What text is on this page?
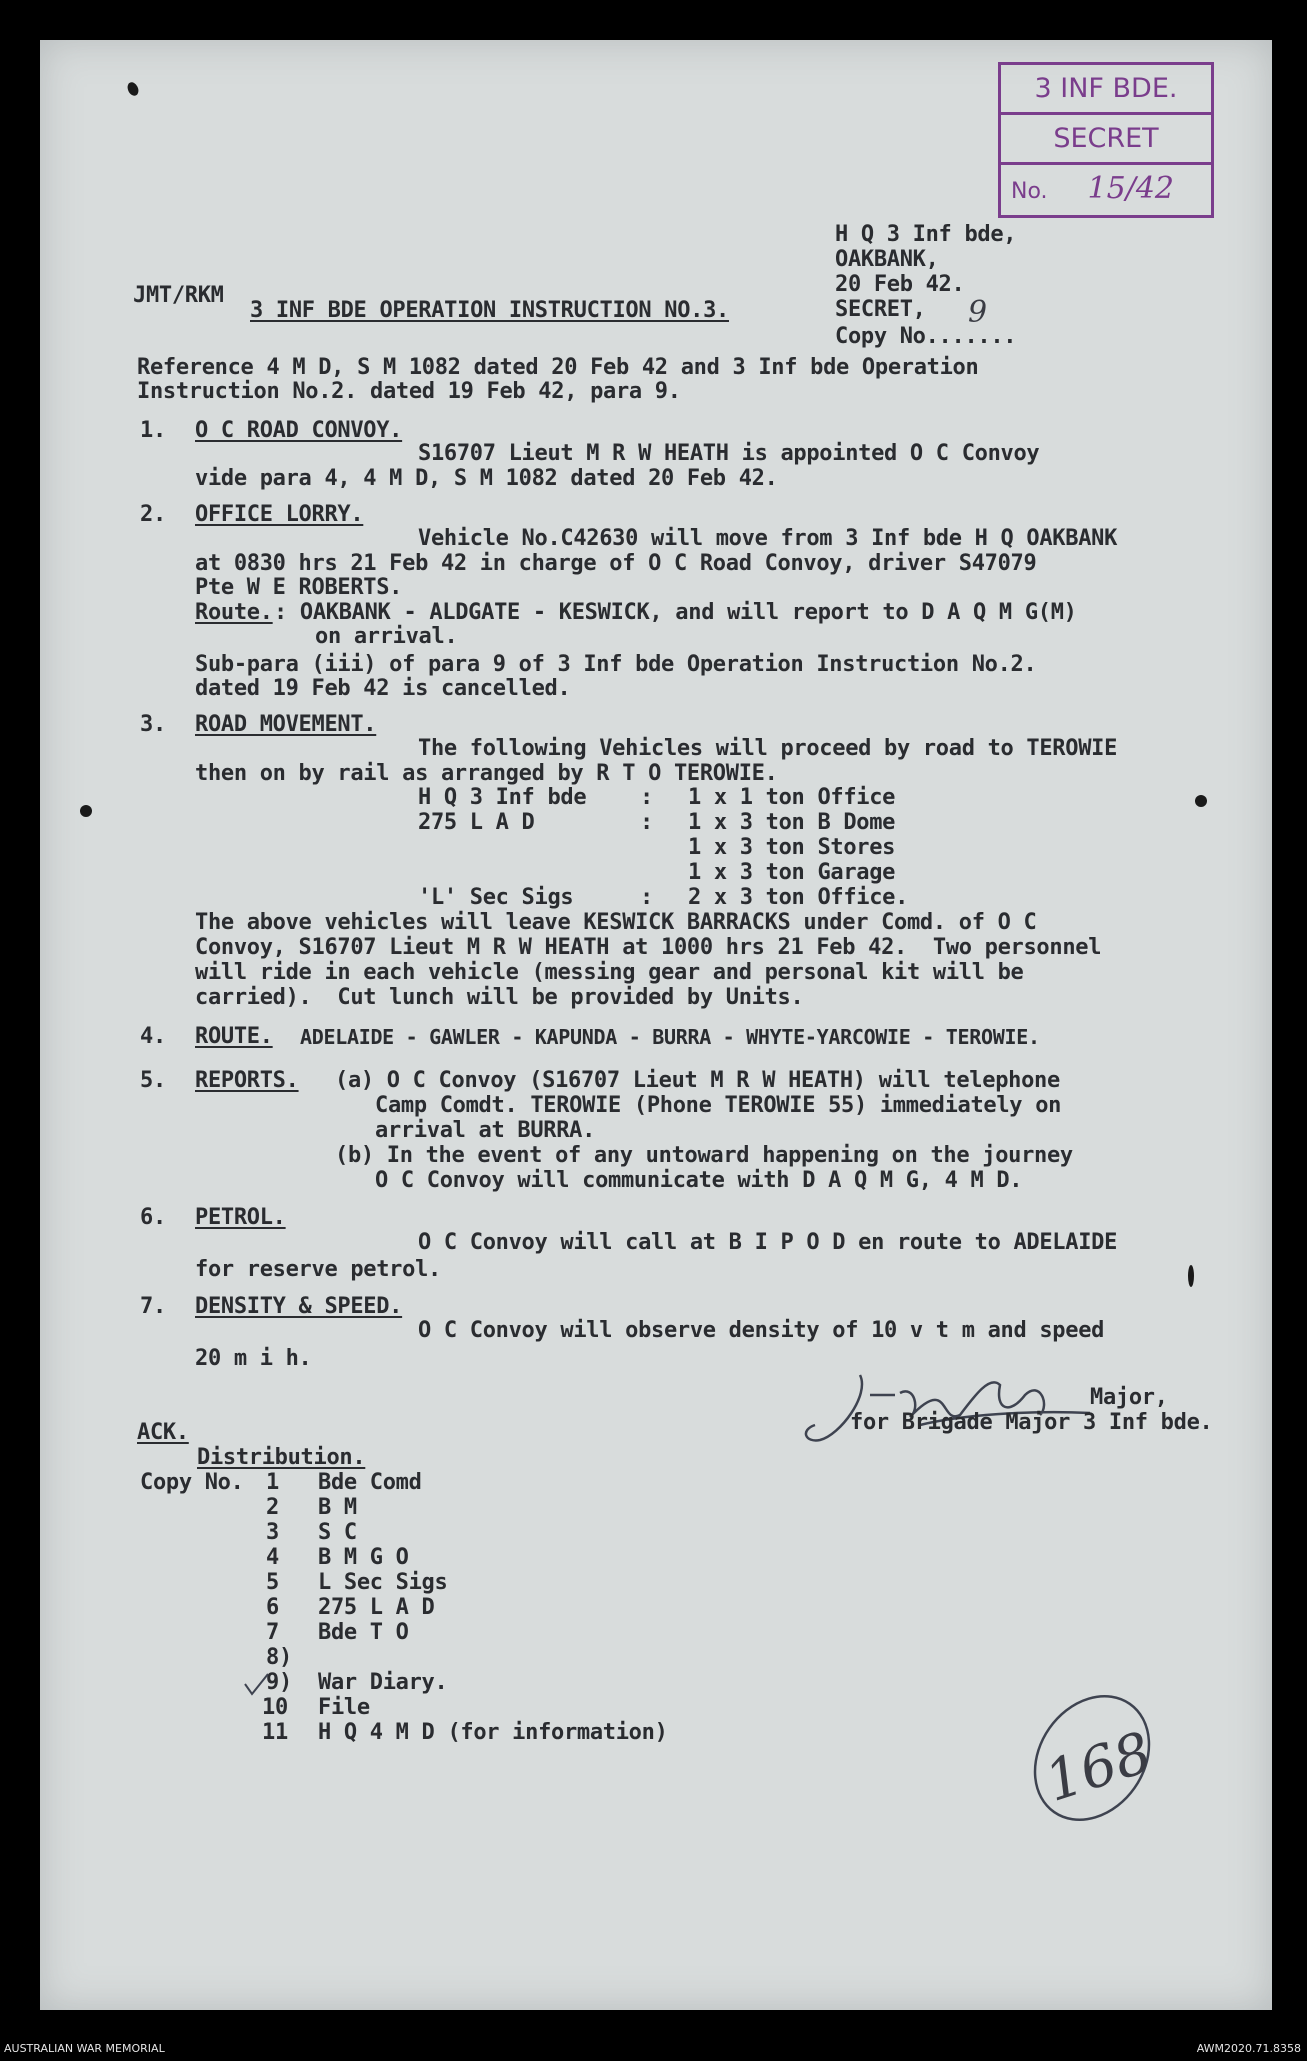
3 INF BDE.
SECRET
No. 15/42
H Q 3 Inf bde,
OAKBANK,
20 Feb 42.
SECRET,
Copy No.......
9
JMT/RKM
3 INF BDE OPERATION INSTRUCTION NO.3.
Reference 4 M D, S M 1082 dated 20 Feb 42 and 3 Inf bde Operation
Instruction No.2. dated 19 Feb 42, para 9.
1. O C ROAD CONVOY.
S16707 Lieut M R W HEATH is appointed O C Convoy
vide para 4, 4 M D, S M 1082 dated 20 Feb 42.
2. OFFICE LORRY.
Vehicle No.C42630 will move from 3 Inf bde H Q OAKBANK
at 0830 hrs 21 Feb 42 in charge of O C Road Convoy, driver S47079
Pte W E ROBERTS.
Route. : OAKBANK - ALDGATE - KESWICK, and will report to D A Q M G(M)
on arrival.
Sub-para (iii) of para 9 of 3 Inf bde Operation Instruction No.2.
dated 19 Feb 42 is cancelled.
3. ROAD MOVEMENT.
The following Vehicles will proceed by road to TEROWIE
then on by rail as arranged by R T O TEROWIE.
H Q 3 Inf bde : 1 x 1 ton Office
275 L A D	: 1 x 3 ton B Dome
1 x 3 ton Stores
1 x 3 ton Garage
'L' Sec Sigs	: 2 x 3 ton Office.
The above vehicles will leave KESWICK BARRACKS under Comd. of O C
Convoy, S16707 Lieut M R W HEATH at 1000 hrs 21 Feb 42.  Two personnel
will ride in each vehicle (messing gear and personal kit will be
carried).  Cut lunch will be provided by Units.
4. ROUTE. ADELAIDE - GAWLER - KAPUNDA - BURRA - WHYTE-YARCOWIE - TEROWIE.
5. REPORTS. (a) O C Convoy (S16707 Lieut M R W HEATH) will telephone
Camp Comdt. TEROWIE (Phone TEROWIE 55) immediately on
arrival at BURRA.
(b) In the event of any untoward happening on the journey
O C Convoy will communicate with D A Q M G, 4 M D.
6. PETROL.
O C Convoy will call at B I P O D en route to ADELAIDE
for reserve petrol.
7. DENSITY & SPEED.
O C Convoy will observe density of 10 v t m and speed
20 m i h.	JMTiffield
Major,
for Brigade Major 3 Inf bde.
ACK.
Distribution.
Copy No. 1 Bde Comd
2 B M
3 S C
4 B M G O
5 L Sec Sigs
6 275 L A D
7 Bde T O
8)
9) War Diary.
10 File
11 H Q 4 M D (for information)	168
AUSTRALIAN WAR MEMORIAL	AWM2020.71.8358
